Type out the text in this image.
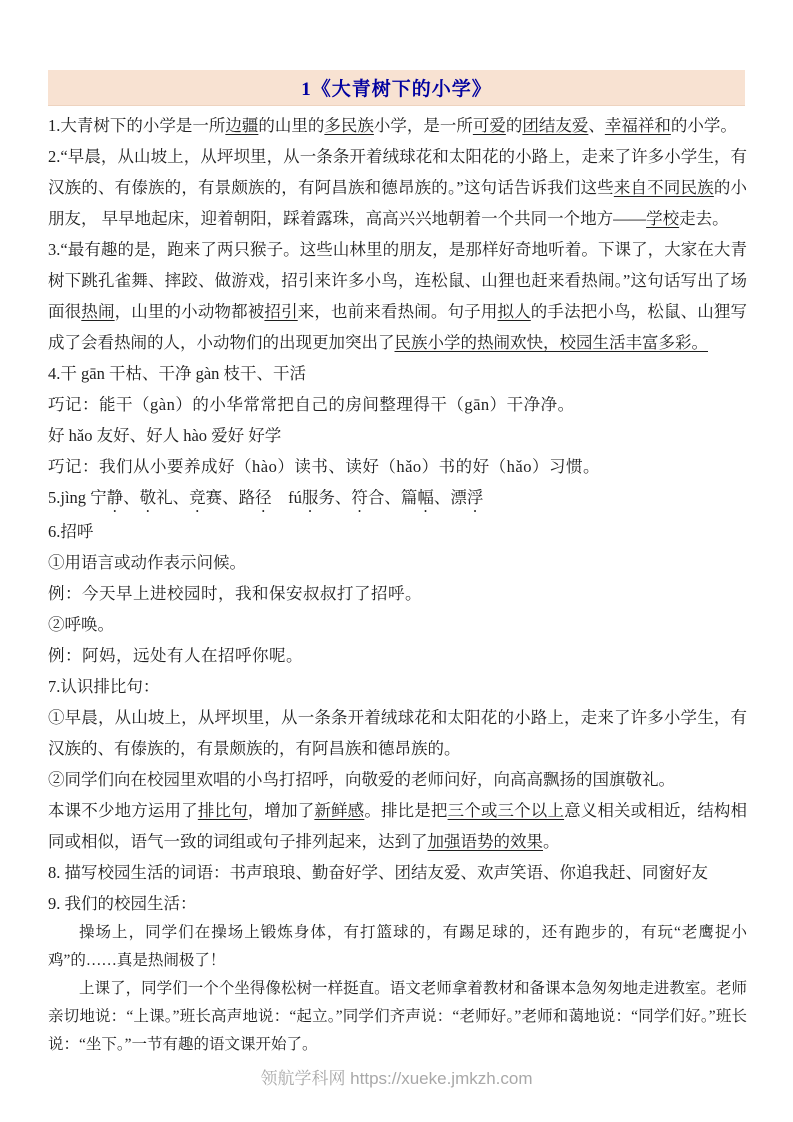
1《大青树下的小学》

1.大青树下的小学是一所边疆的山里的多民族小学，是一所可爱的团结友爱、幸福祥和的小学。

2.“早晨，从山坡上，从坪坝里，从一条条开着绒球花和太阳花的小路上，走来了许多小学生，有汉族的、有傣族的，有景颇族的，有阿昌族和德昂族的。”这句话告诉我们这些来自不同民族的小朋友， 早早地起床，迎着朝阳，踩着露珠，高高兴兴地朝着一个共同一个地方——学校走去。

3.“最有趣的是，跑来了两只猴子。这些山林里的朋友，是那样好奇地听着。下课了，大家在大青树下跳孔雀舞、摔跤、做游戏，招引来许多小鸟，连松鼠、山狸也赶来看热闹。”这句话写出了场面很热闹，山里的小动物都被招引来，也前来看热闹。句子用拟人的手法把小鸟，松鼠、山狸写成了会看热闹的人，小动物们的出现更加突出了民族小学的热闹欢快，校园生活丰富多彩。

4.干 gān 干枯、干净 gàn 枝干、干活

巧记：能干（gàn）的小华常常把自己的房间整理得干（gān）干净净。

好 hǎo 友好、好人 hào 爱好 好学

巧记：我们从小要养成好（hào）读书、读好（hǎo）书的好（hǎo）习惯。

5.jìng 宁静、敬礼、竞赛、路径　fú服务、符合、篇幅、漂浮

6.招呼

①用语言或动作表示问候。

例：今天早上进校园时，我和保安叔叔打了招呼。

②呼唤。

例：阿妈，远处有人在招呼你呢。

7.认识排比句：

①早晨，从山坡上，从坪坝里，从一条条开着绒球花和太阳花的小路上，走来了许多小学生，有汉族的、有傣族的，有景颇族的，有阿昌族和德昂族的。

②同学们向在校园里欢唱的小鸟打招呼，向敬爱的老师问好，向高高飘扬的国旗敬礼。

本课不少地方运用了排比句，增加了新鲜感。排比是把三个或三个以上意义相关或相近，结构相同或相似，语气一致的词组或句子排列起来，达到了加强语势的效果。

8. 描写校园生活的词语：书声琅琅、勤奋好学、团结友爱、欢声笑语、你追我赶、同窗好友

9. 我们的校园生活：

操场上，同学们在操场上锻炼身体，有打篮球的，有踢足球的，还有跑步的，有玩“老鹰捉小鸡”的……真是热闹极了！

上课了，同学们一个个坐得像松树一样挺直。语文老师拿着教材和备课本急匆匆地走进教室。老师亲切地说：“上课。”班长高声地说：“起立。”同学们齐声说：“老师好。”老师和蔼地说：“同学们好。”班长说：“坐下。”一节有趣的语文课开始了。

领航学科网 https://xueke.jmkzh.com
